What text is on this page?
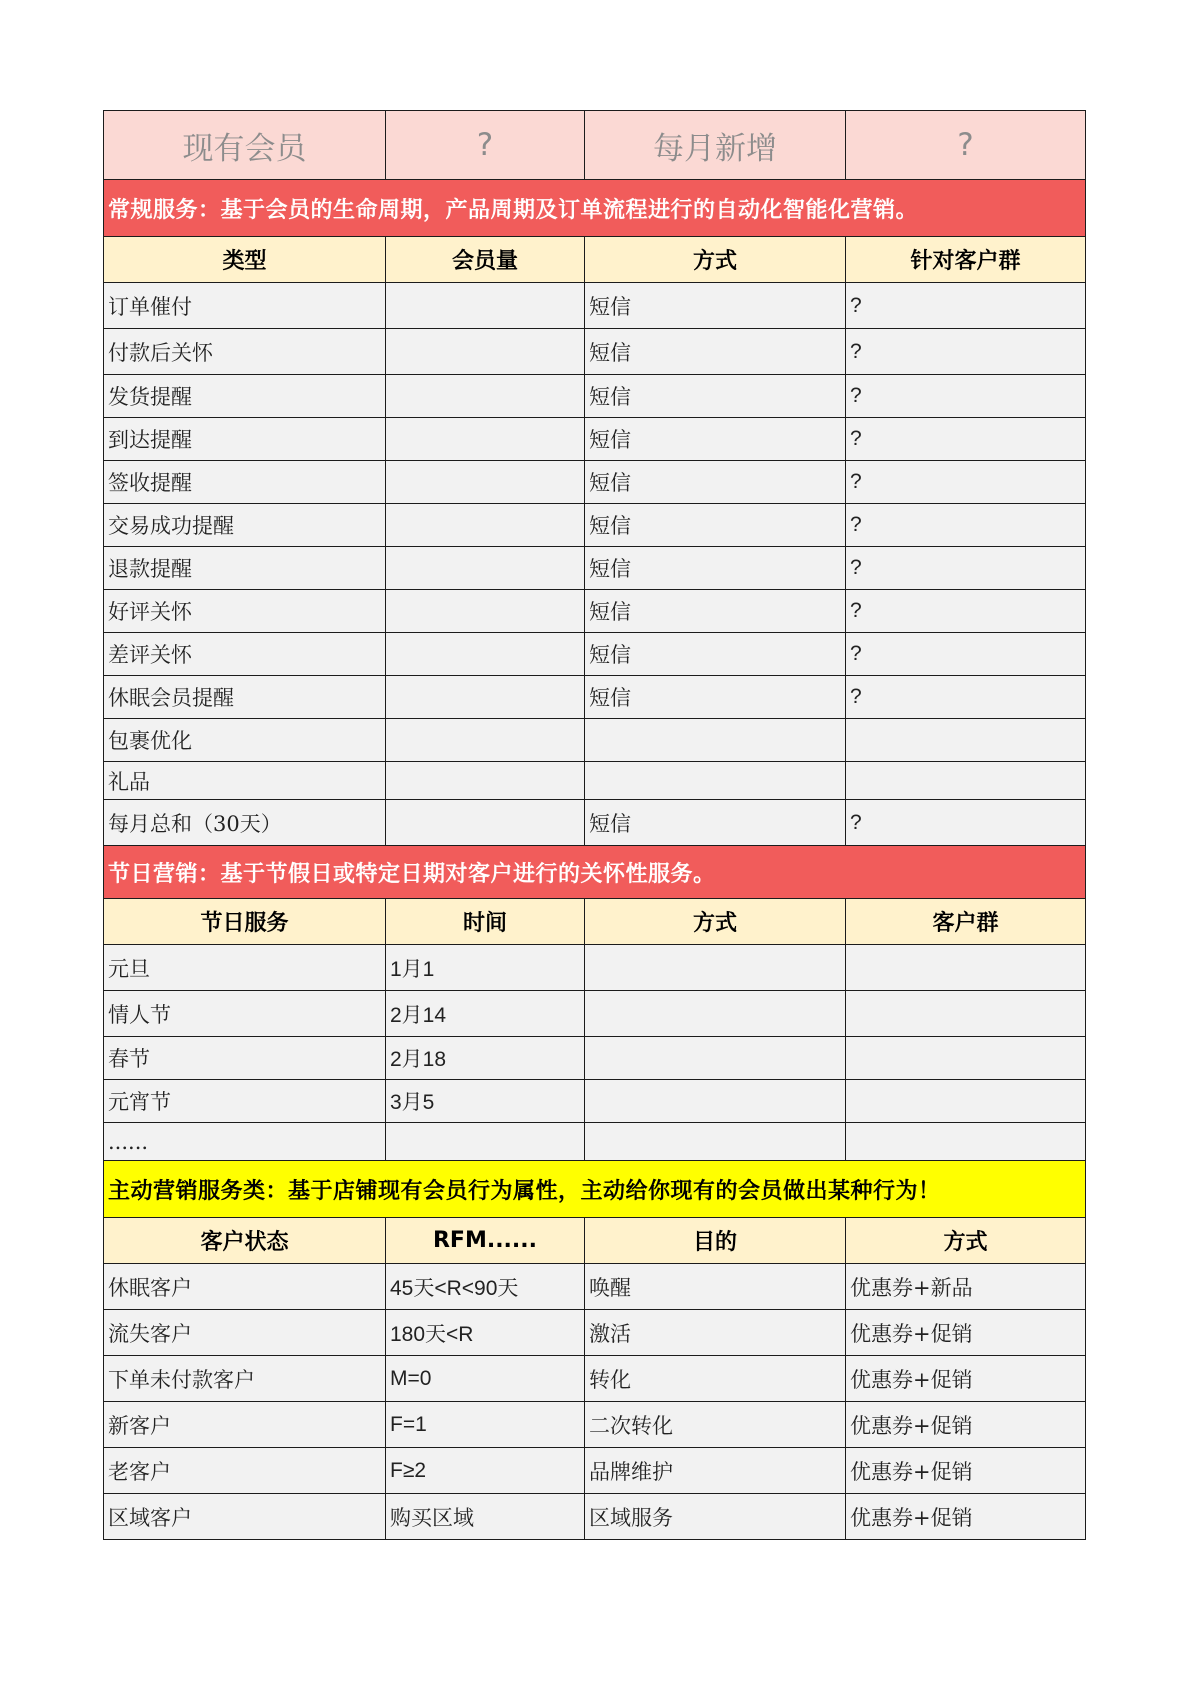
现有会员	?	每月新增	?
常规服务：基于会员的生命周期，产品周期及订单流程进行的自动化智能化营销。			
类型	会员量	方式	针对客户群
订单催付		短信	?
付款后关怀		短信	?
发货提醒		短信	?
到达提醒		短信	?
签收提醒		短信	?
交易成功提醒		短信	?
退款提醒		短信	?
好评关怀		短信	?
差评关怀		短信	?
休眠会员提醒		短信	?
包裹优化			
礼品			
每月总和（30天）		短信	?
节日营销：基于节假日或特定日期对客户进行的关怀性服务。			
节日服务	时间	方式	客户群
元旦	1月1		
情人节	2月14		
春节	2月18		
元宵节	3月5		
......			
主动营销服务类：基于店铺现有会员行为属性，主动给你现有的会员做出某种行为！			
客户状态	RFM......	目的	方式
休眠客户	45天<R<90天	唤醒	优惠券+新品
流失客户	180天<R	激活	优惠券+促销
下单未付款客户	M=0	转化	优惠券+促销
新客户	F=1	二次转化	优惠券+促销
老客户	F≥2	品牌维护	优惠券+促销
区域客户	购买区域	区域服务	优惠券+促销
